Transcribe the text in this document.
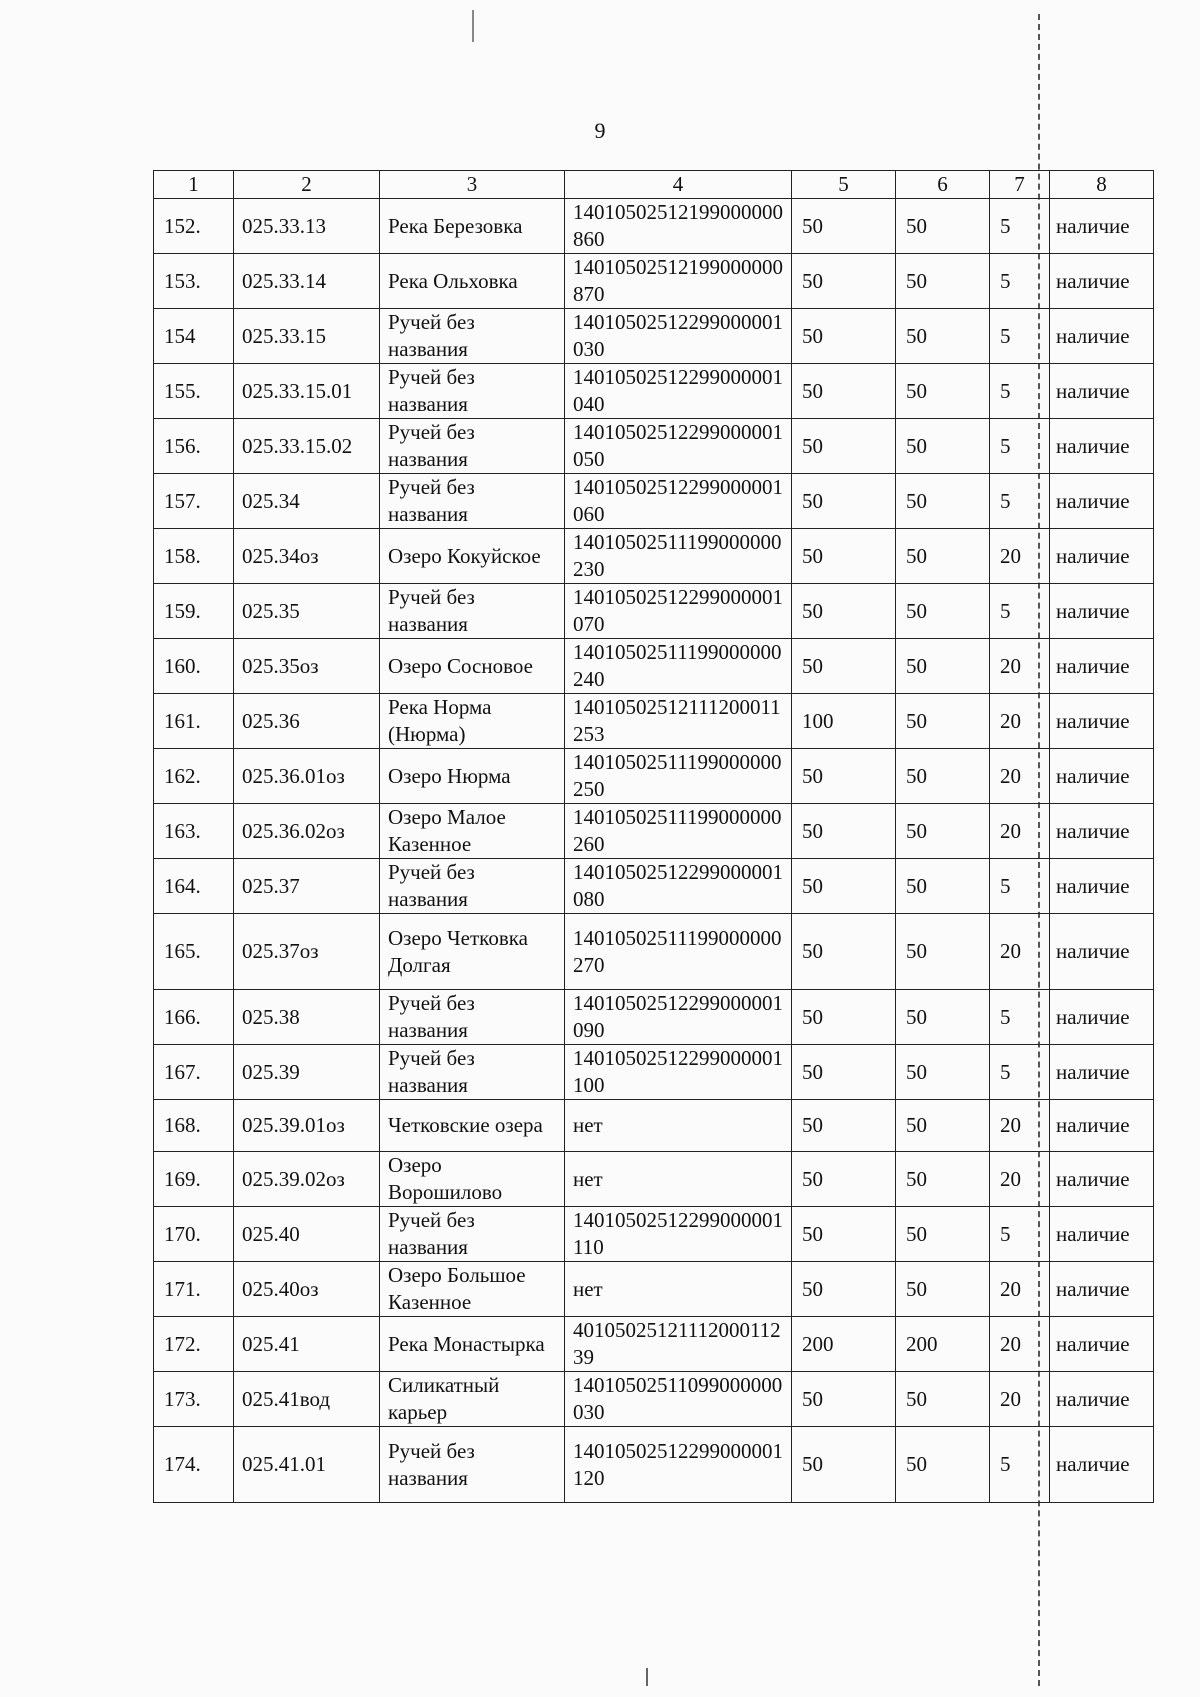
9
1	2	3	4	5	6	7	8
152.	025.33.13	Река Березовка	14010502512199000000860	50	50	5	наличие
153.	025.33.14	Река Ольховка	14010502512199000000870	50	50	5	наличие
154	025.33.15	Ручей без названия	14010502512299000001030	50	50	5	наличие
155.	025.33.15.01	Ручей без названия	14010502512299000001040	50	50	5	наличие
156.	025.33.15.02	Ручей без названия	14010502512299000001050	50	50	5	наличие
157.	025.34	Ручей без названия	14010502512299000001060	50	50	5	наличие
158.	025.34оз	Озеро Кокуйское	14010502511199000000230	50	50	20	наличие
159.	025.35	Ручей без названия	14010502512299000001070	50	50	5	наличие
160.	025.35оз	Озеро Сосновое	14010502511199000000240	50	50	20	наличие
161.	025.36	Река Норма (Нюрма)	14010502512111200011253	100	50	20	наличие
162.	025.36.01оз	Озеро Нюрма	14010502511199000000250	50	50	20	наличие
163.	025.36.02оз	Озеро Малое Казенное	14010502511199000000260	50	50	20	наличие
164.	025.37	Ручей без названия	14010502512299000001080	50	50	5	наличие
165.	025.37оз	Озеро Четковка Долгая	14010502511199000000270	50	50	20	наличие
166.	025.38	Ручей без названия	14010502512299000001090	50	50	5	наличие
167.	025.39	Ручей без названия	14010502512299000001100	50	50	5	наличие
168.	025.39.01оз	Четковские озера	нет	50	50	20	наличие
169.	025.39.02оз	Озеро Ворошилово	нет	50	50	20	наличие
170.	025.40	Ручей без названия	14010502512299000001110	50	50	5	наличие
171.	025.40оз	Озеро Большое Казенное	нет	50	50	20	наличие
172.	025.41	Река Монастырка	4010502512111200011239	200	200	20	наличие
173.	025.41вод	Силикатный карьер	14010502511099000000030	50	50	20	наличие
174.	025.41.01	Ручей без названия	14010502512299000001120	50	50	5	наличие
